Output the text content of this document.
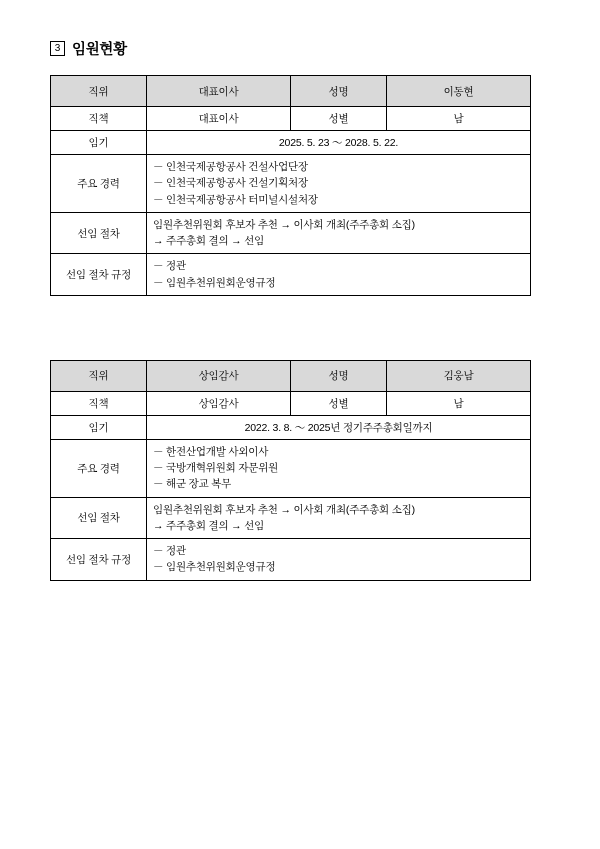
3 임원현황
직위	대표이사	성명	이동현
직책	대표이사	성별	남
임기	2025. 5. 23 ～ 2028. 5. 22.		
주요 경력	－ 인천국제공항공사 건설사업단장
－ 인천국제공항공사 건설기획처장
－ 인천국제공항공사 터미널시설처장		

선임 절차	임원추천위원회 후보자 추천 → 이사회 개최(주주총회 소집)
→ 주주총회 결의 → 선임		

선임 절차 규정	－ 정관
－ 임원추천위원회운영규정		
직위	상임감사	성명	김웅남
직책	상임감사	성별	남
임기	2022. 3. 8. ～ 2025년 정기주주총회일까지		
주요 경력	－ 한전산업개발 사외이사
－ 국방개혁위원회 자문위원
－ 해군 장교 복무		

선임 절차	임원추천위원회 후보자 추천 → 이사회 개최(주주총회 소집)
→ 주주총회 결의 → 선임		

선임 절차 규정	－ 정관
－ 임원추천위원회운영규정		
